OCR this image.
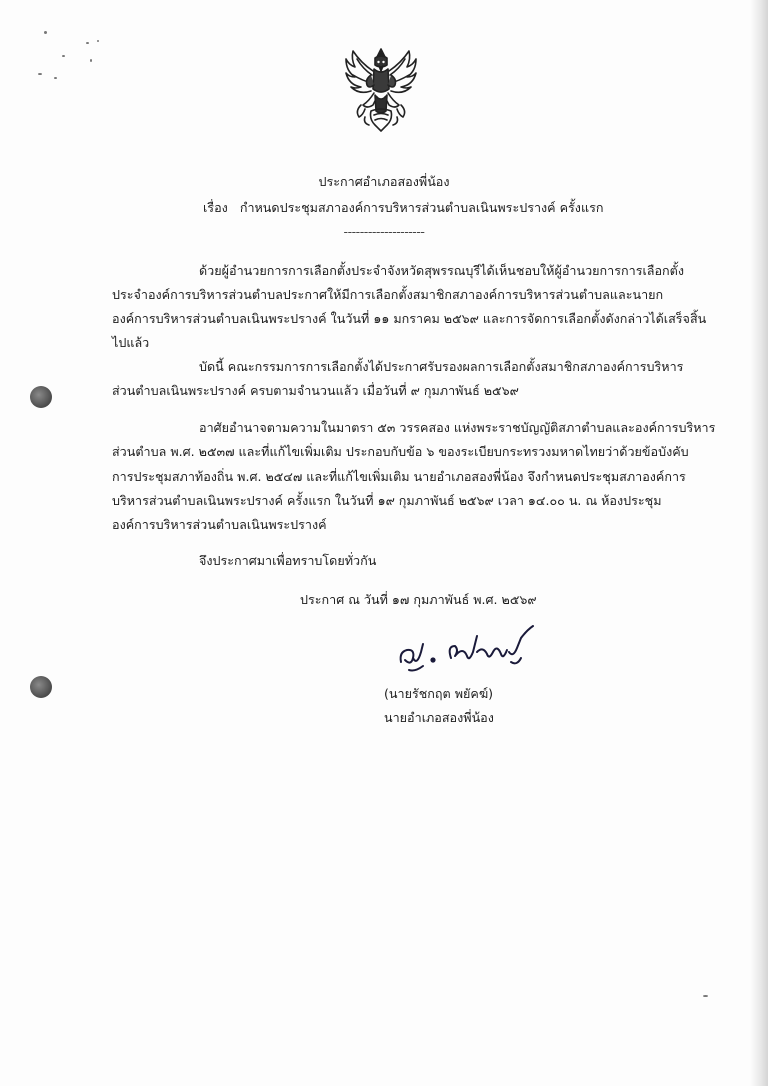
ประกาศอำเภอสองพี่น้อง
เรื่อง กำหนดประชุมสภาองค์การบริหารส่วนตำบลเนินพระปรางค์ ครั้งแรก
--------------------
ด้วยผู้อำนวยการการเลือกตั้งประจำจังหวัดสุพรรณบุรีได้เห็นชอบให้ผู้อำนวยการการเลือกตั้ง
ประจำองค์การบริหารส่วนตำบลประกาศให้มีการเลือกตั้งสมาชิกสภาองค์การบริหารส่วนตำบลและนายก
องค์การบริหารส่วนตำบลเนินพระปรางค์ ในวันที่ ๑๑ มกราคม ๒๕๖๙ และการจัดการเลือกตั้งดังกล่าวได้เสร็จสิ้น
ไปแล้ว
บัดนี้ คณะกรรมการการเลือกตั้งได้ประกาศรับรองผลการเลือกตั้งสมาชิกสภาองค์การบริหาร
ส่วนตำบลเนินพระปรางค์ ครบตามจำนวนแล้ว เมื่อวันที่ ๙ กุมภาพันธ์ ๒๕๖๙
อาศัยอำนาจตามความในมาตรา ๕๓ วรรคสอง แห่งพระราชบัญญัติสภาตำบลและองค์การบริหาร
ส่วนตำบล พ.ศ. ๒๕๓๗ และที่แก้ไขเพิ่มเติม ประกอบกับข้อ ๖ ของระเบียบกระทรวงมหาดไทยว่าด้วยข้อบังคับ
การประชุมสภาท้องถิ่น พ.ศ. ๒๕๔๗ และที่แก้ไขเพิ่มเติม นายอำเภอสองพี่น้อง จึงกำหนดประชุมสภาองค์การ
บริหารส่วนตำบลเนินพระปรางค์ ครั้งแรก ในวันที่ ๑๙ กุมภาพันธ์ ๒๕๖๙ เวลา ๑๔.๐๐ น. ณ ห้องประชุม
องค์การบริหารส่วนตำบลเนินพระปรางค์
จึงประกาศมาเพื่อทราบโดยทั่วกัน
ประกาศ ณ วันที่ ๑๗ กุมภาพันธ์ พ.ศ. ๒๕๖๙
(นายรัชกฤต พยัคฆ์)
นายอำเภอสองพี่น้อง
